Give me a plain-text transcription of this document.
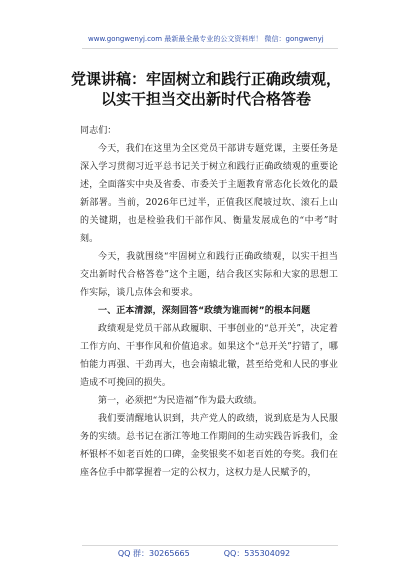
www.gongwenyj.com 最新最全最专业的公文资料库！ 微信：gongwenyj
党课讲稿：牢固树立和践行正确政绩观，
以实干担当交出新时代合格答卷

同志们：

今天，我们在这里为全区党员干部讲专题党课，主要任务是深入学习贯彻习近平总书记关于树立和践行正确政绩观的重要论述，全面落实中央及省委、市委关于主题教育常态化长效化的最新部署。当前，2026年已过半，正值我区爬坡过坎、滚石上山的关键期，也是检验我们干部作风、衡量发展成色的“中考”时刻。

今天，我就围绕“牢固树立和践行正确政绩观，以实干担当交出新时代合格答卷”这个主题，结合我区实际和大家的思想工作实际，谈几点体会和要求。

一、正本清源，深刻回答“政绩为谁而树”的根本问题

政绩观是党员干部从政履职、干事创业的“总开关”，决定着工作方向、干事作风和价值追求。如果这个“总开关”拧错了，哪怕能力再强、干劲再大，也会南辕北辙，甚至给党和人民的事业造成不可挽回的损失。

第一，必须把“为民造福”作为最大政绩。

我们要清醒地认识到，共产党人的政绩，说到底是为人民服务的实绩。总书记在浙江等地工作期间的生动实践告诉我们，金杯银杯不如老百姓的口碑，金奖银奖不如老百姓的夸奖。我们在座各位手中都掌握着一定的公权力，这权力是人民赋予的，

QQ 群：30265665	QQ：535304092
